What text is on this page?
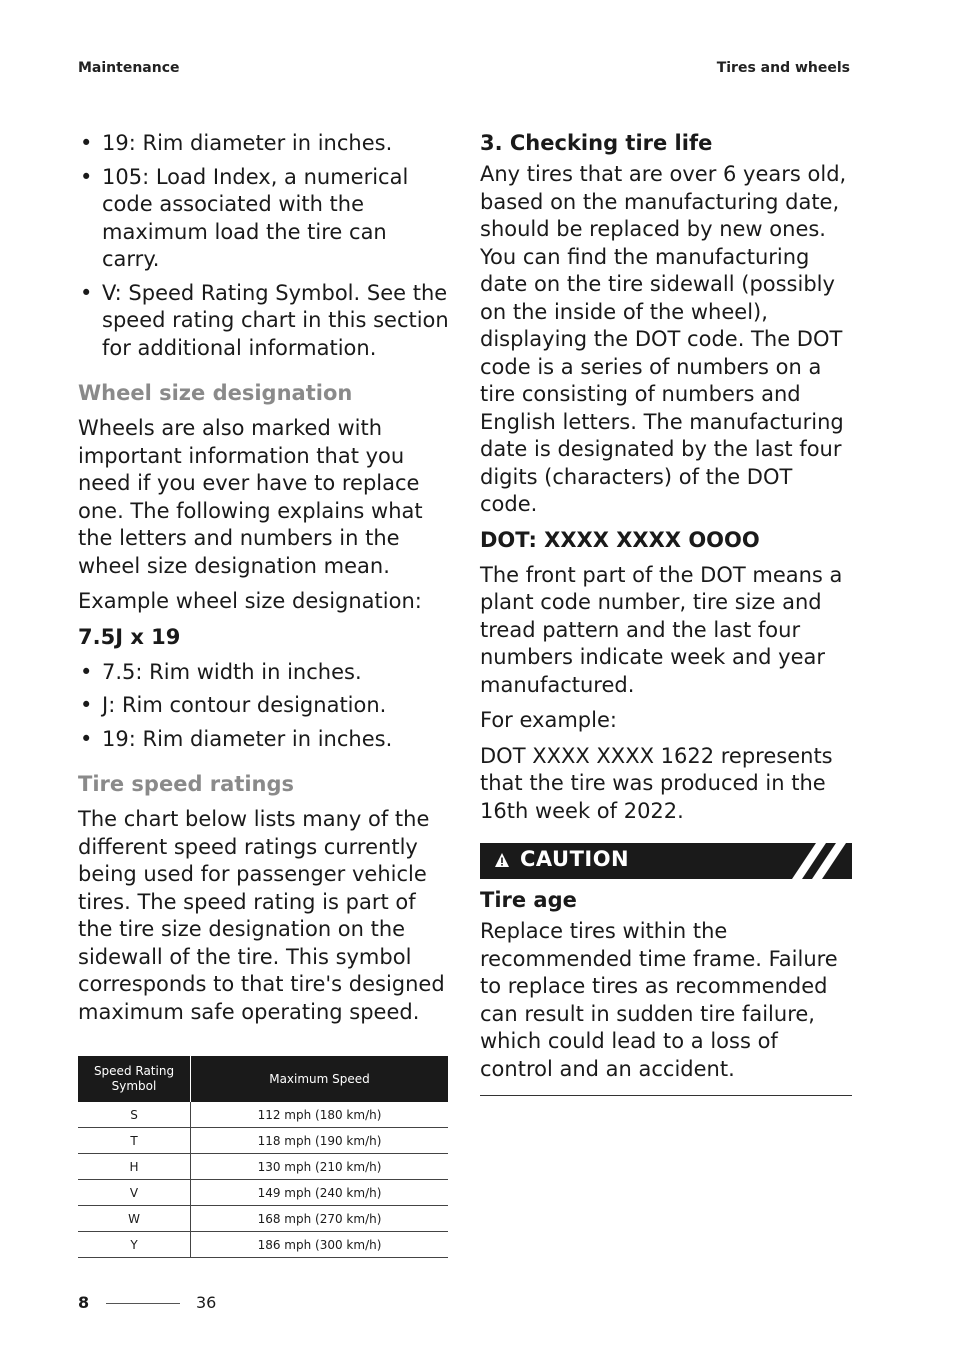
Maintenance	Tires and wheels
• 19: Rim diameter in inches.
• 105: Load Index, a numerical code associated with the maximum load the tire can carry.
• V: Speed Rating Symbol. See the speed rating chart in this section for additional information.
Wheel size designation

Wheels are also marked with important information that you need if you ever have to replace one. The following explains what the letters and numbers in the wheel size designation mean.

Example wheel size designation:

7.5J x 19
• 7.5: Rim width in inches.
• J: Rim contour designation.
• 19: Rim diameter in inches.
Tire speed ratings

The chart below lists many of the different speed ratings currently being used for passenger vehicle tires. The speed rating is part of the tire size designation on the sidewall of the tire. This symbol corresponds to that tire's designed maximum safe operating speed.

3. Checking tire life

Any tires that are over 6 years old, based on the manufacturing date, should be replaced by new ones. You can find the manufacturing date on the tire sidewall (possibly on the inside of the wheel), displaying the DOT code. The DOT code is a series of numbers on a tire consisting of numbers and English letters. The manufacturing date is designated by the last four digits (characters) of the DOT code.

DOT: XXXX XXXX OOOO

The front part of the DOT means a plant code number, tire size and tread pattern and the last four numbers indicate week and year manufactured.

For example:

DOT XXXX XXXX 1622 represents that the tire was produced in the 16th week of 2022.

CAUTION
Tire age

Replace tires within the recommended time frame. Failure to replace tires as recommended can result in sudden tire failure, which could lead to a loss of control and an accident.

Speed Rating Symbol	Maximum Speed
S	112 mph (180 km/h)
T	118 mph (190 km/h)
H	130 mph (210 km/h)
V	149 mph (240 km/h)
W	168 mph (270 km/h)
Y	186 mph (300 km/h)
8	36
